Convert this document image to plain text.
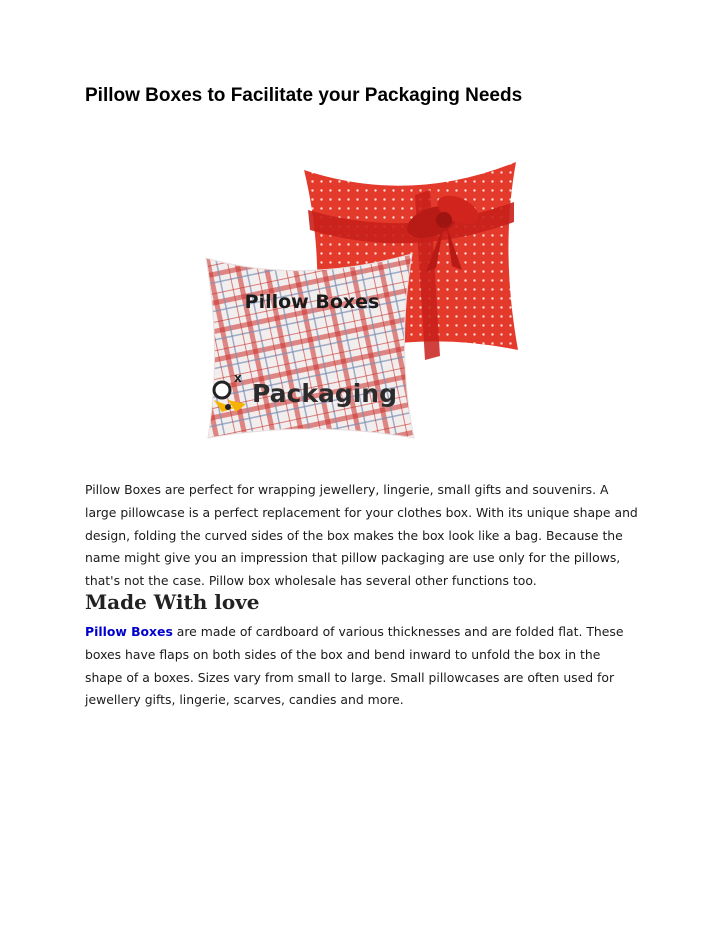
Pillow Boxes to Facilitate your Packaging Needs
Pillow Boxes
x
Packaging

Pillow Boxes are perfect for wrapping jewellery, lingerie, small gifts and souvenirs. A large pillowcase is a perfect replacement for your clothes box. With its unique shape and design, folding the curved sides of the box makes the box look like a bag. Because the name might give you an impression that pillow packaging are use only for the pillows, that's not the case. Pillow box wholesale has several other functions too.

Made With love

Pillow Boxes are made of cardboard of various thicknesses and are folded flat. These boxes have flaps on both sides of the box and bend inward to unfold the box in the shape of a boxes. Sizes vary from small to large. Small pillowcases are often used for jewellery gifts, lingerie, scarves, candies and more.
